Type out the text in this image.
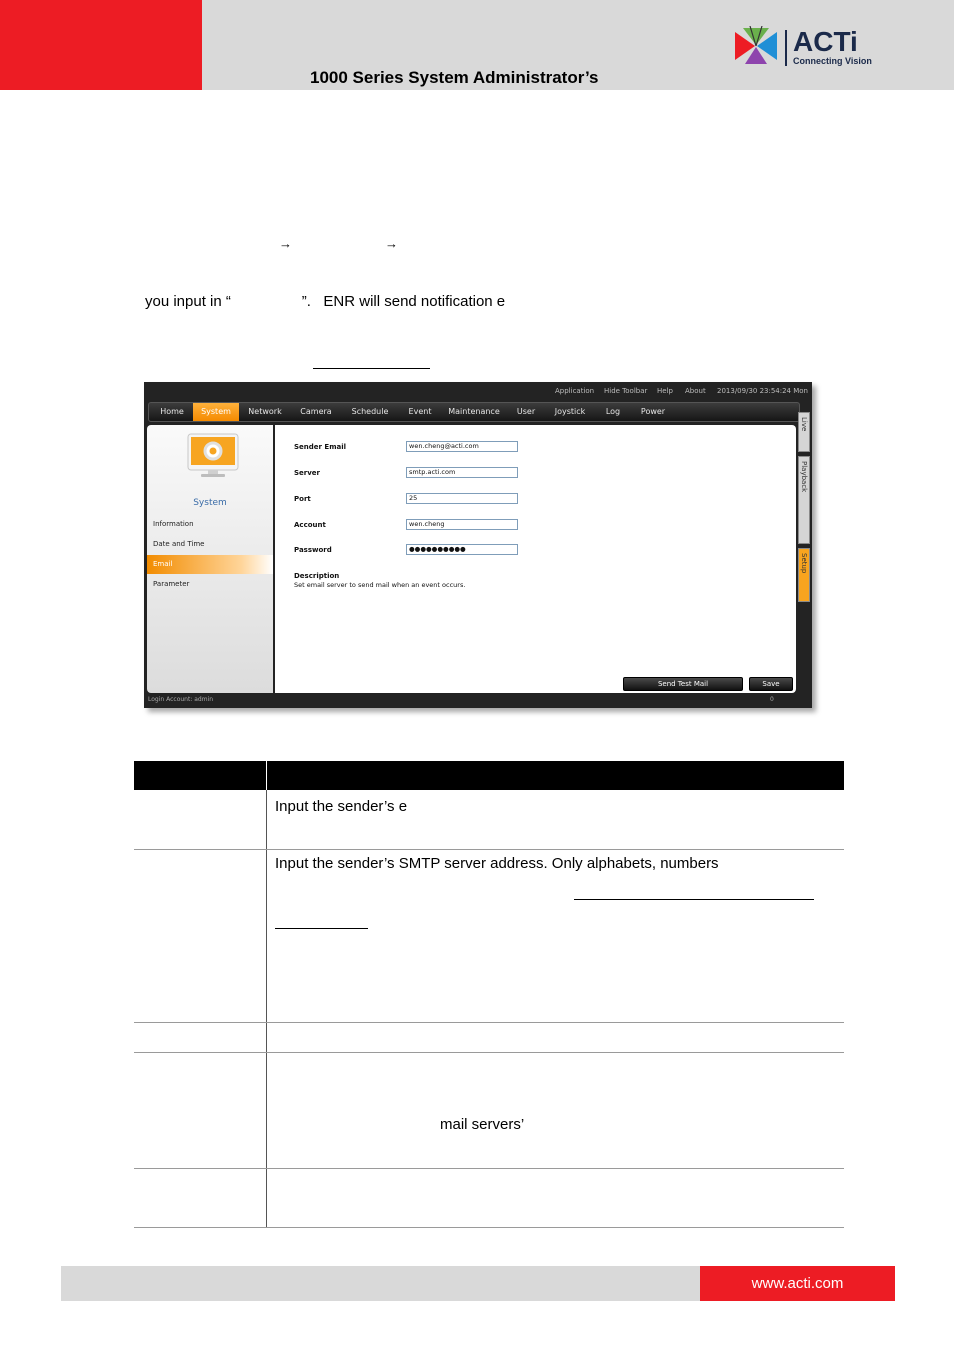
1000 Series System Administrator’s
ACTi
Connecting Vision
→	→
you input in “                 ”.   ENR will send notification e
Application Hide Toolbar Help About 2013/09/30 23:54:24 Mon
Home	System	Network	Camera	Schedule	Event	Maintenance	User	Joystick	Log	Power
Live
Playback
Setup
System
Information
Date and Time
Email
Parameter
Sender Email	wen.cheng@acti.com
Server	smtp.acti.com
Port	25
Account	wen.cheng
Password	●●●●●●●●●●
Description
Set email server to send mail when an event occurs.
Send Test Mail	Save
Login Account: admin	0
Input the sender’s e
Input the sender’s SMTP server address. Only alphabets, numbers
mail servers’
www.acti.com
